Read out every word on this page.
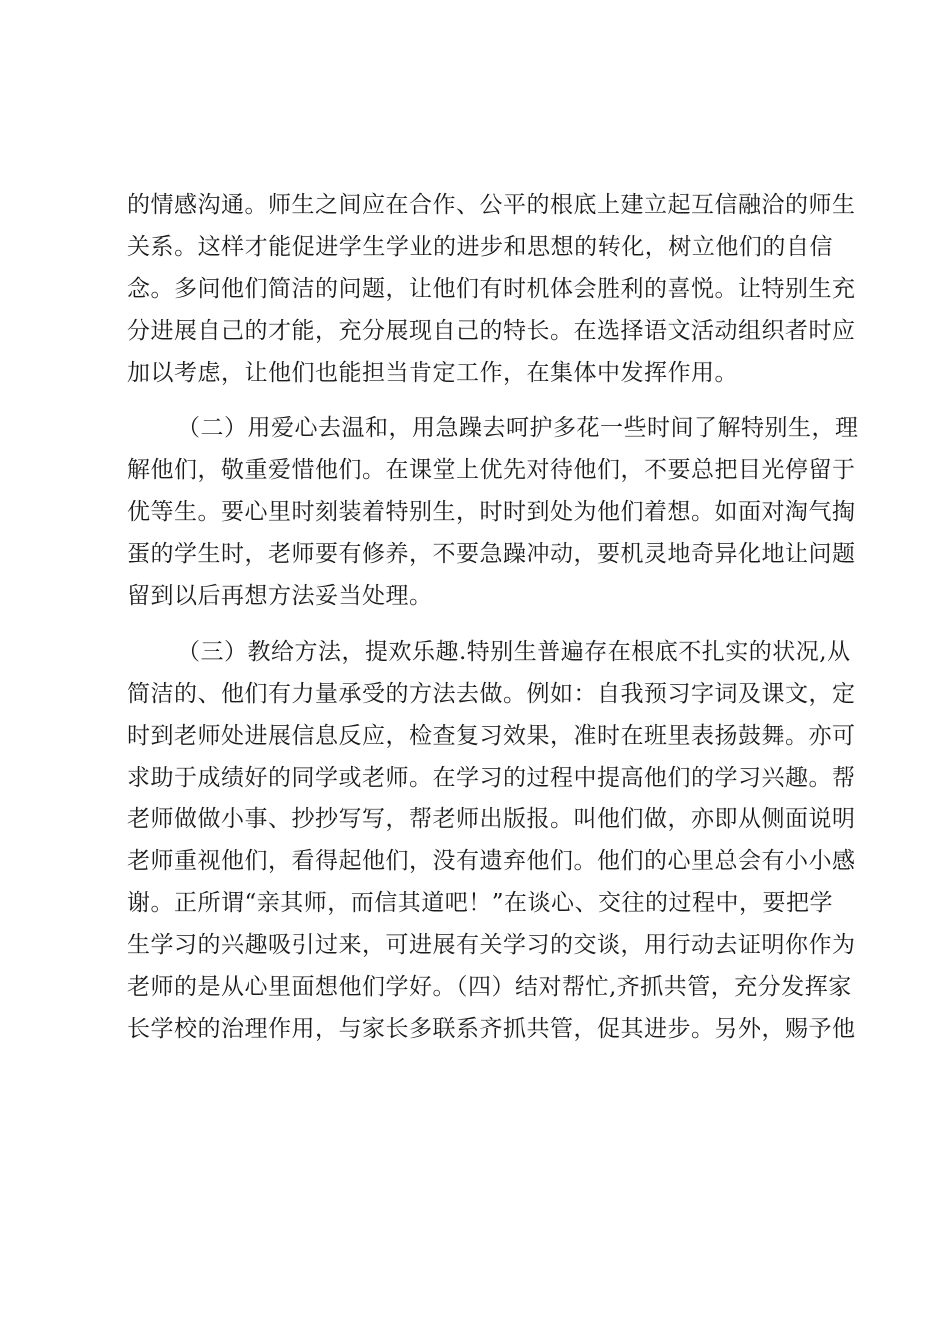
的情感沟通。师生之间应在合作、公平的根底上建立起互信融洽的师生
关系。这样才能促进学生学业的进步和思想的转化，树立他们的自信
念。多问他们简洁的问题，让他们有时机体会胜利的喜悦。让特别生充
分进展自己的才能，充分展现自己的特长。在选择语文活动组织者时应
加以考虑，让他们也能担当肯定工作，在集体中发挥作用。
（二）用爱心去温和，用急躁去呵护多花一些时间了解特别生，理
解他们，敬重爱惜他们。在课堂上优先对待他们，不要总把目光停留于
优等生。要心里时刻装着特别生，时时到处为他们着想。如面对淘气掏
蛋的学生时，老师要有修养，不要急躁冲动，要机灵地奇异化地让问题
留到以后再想方法妥当处理。
（三）教给方法，提欢乐趣.特别生普遍存在根底不扎实的状况,从
简洁的、他们有力量承受的方法去做。例如：自我预习字词及课文，定
时到老师处进展信息反应，检查复习效果，准时在班里表扬鼓舞。亦可
求助于成绩好的同学或老师。在学习的过程中提高他们的学习兴趣。帮
老师做做小事、抄抄写写，帮老师出版报。叫他们做，亦即从侧面说明
老师重视他们，看得起他们，没有遗弃他们。他们的心里总会有小小感
谢。正所谓“亲其师，而信其道吧！”在谈心、交往的过程中，要把学
生学习的兴趣吸引过来，可进展有关学习的交谈，用行动去证明你作为
老师的是从心里面想他们学好。（四）结对帮忙,齐抓共管，充分发挥家
长学校的治理作用，与家长多联系齐抓共管，促其进步。另外，赐予他
